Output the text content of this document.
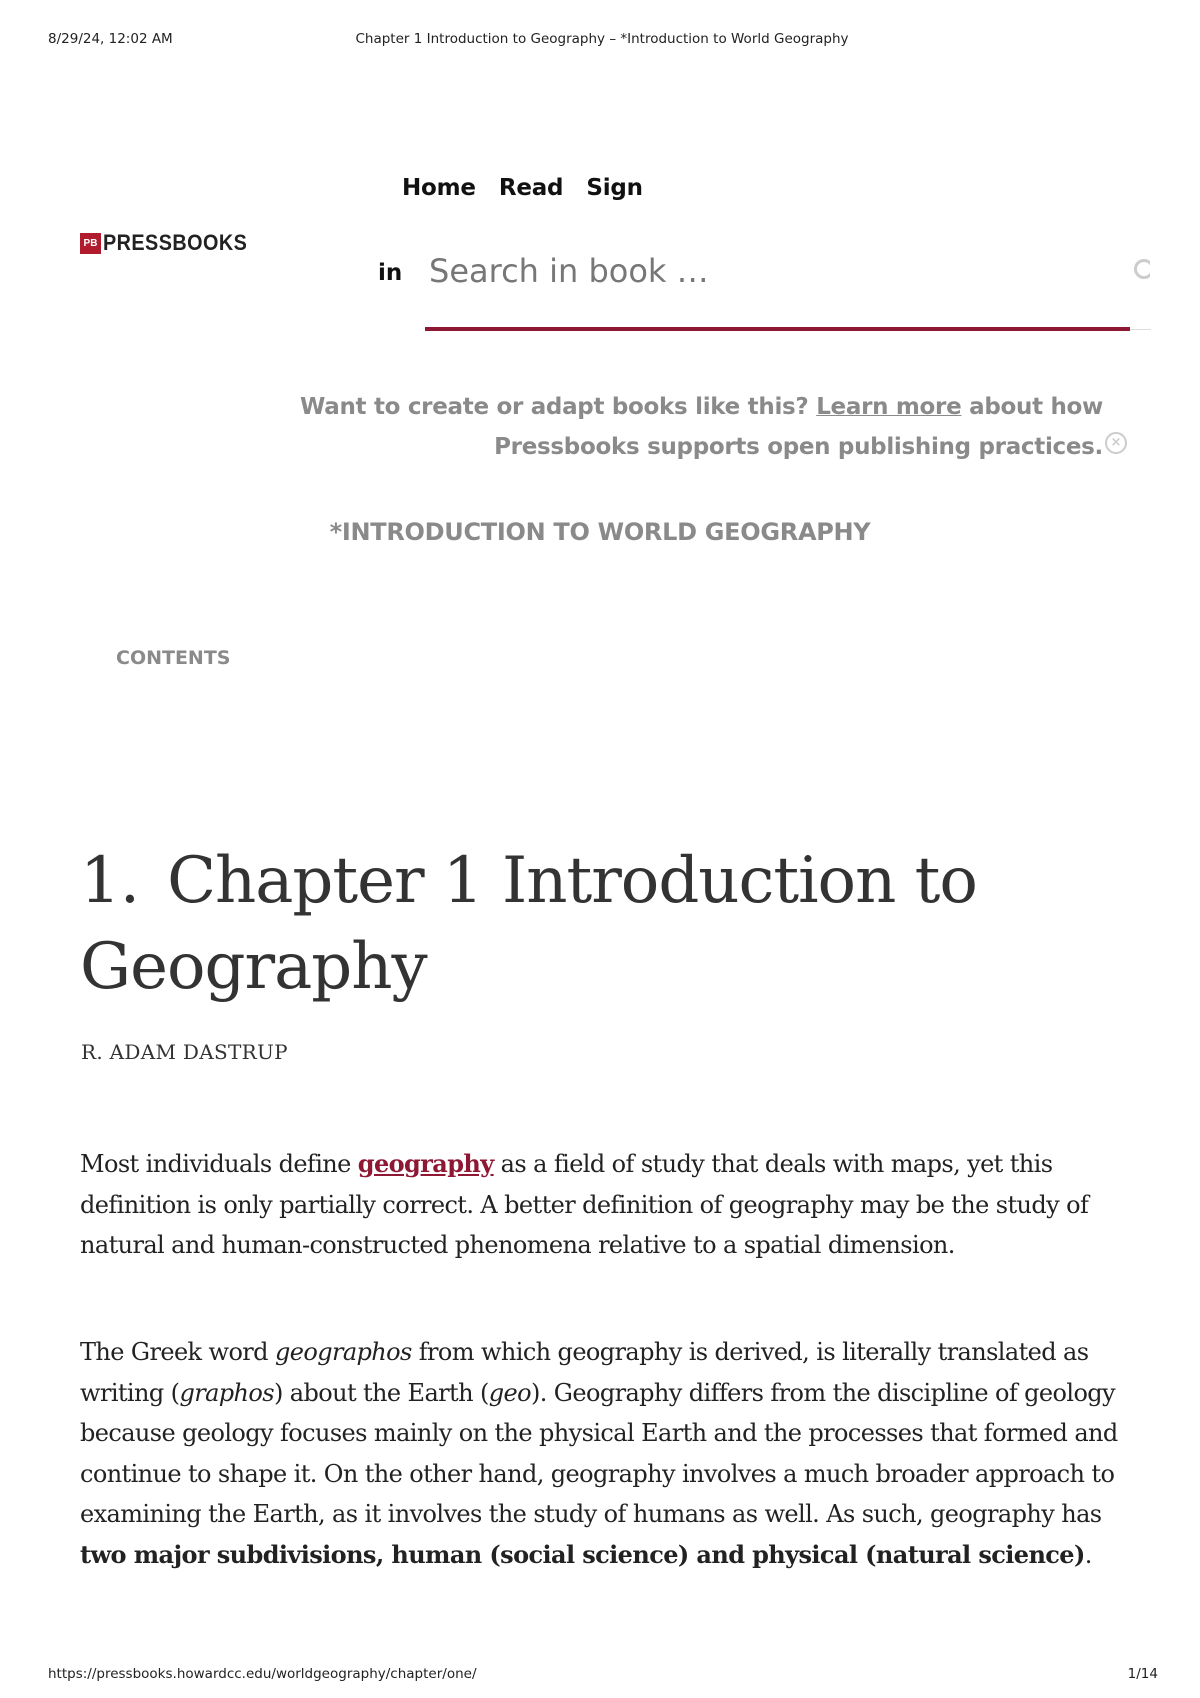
8/29/24, 12:02 AM	Chapter 1 Introduction to Geography – *Introduction to World Geography
PB PRESSBOOKS
Home Read Sign
in
Search in book …
Want to create or adapt books like this? Learn more about how Pressbooks supports open publishing practices. ×
*INTRODUCTION TO WORLD GEOGRAPHY
CONTENTS
1. Chapter 1 Introduction to Geography
R. ADAM DASTRUP

Most individuals define geography as a field of study that deals with maps, yet this definition is only partially correct. A better definition of geography may be the study of natural and human-constructed phenomena relative to a spatial dimension.

The Greek word geographos from which geography is derived, is literally translated as writing (graphos) about the Earth (geo). Geography differs from the discipline of geology because geology focuses mainly on the physical Earth and the processes that formed and continue to shape it. On the other hand, geography involves a much broader approach to examining the Earth, as it involves the study of humans as well. As such, geography has two major subdivisions, human (social science) and physical (natural science).

https://pressbooks.howardcc.edu/worldgeography/chapter/one/	1/14
